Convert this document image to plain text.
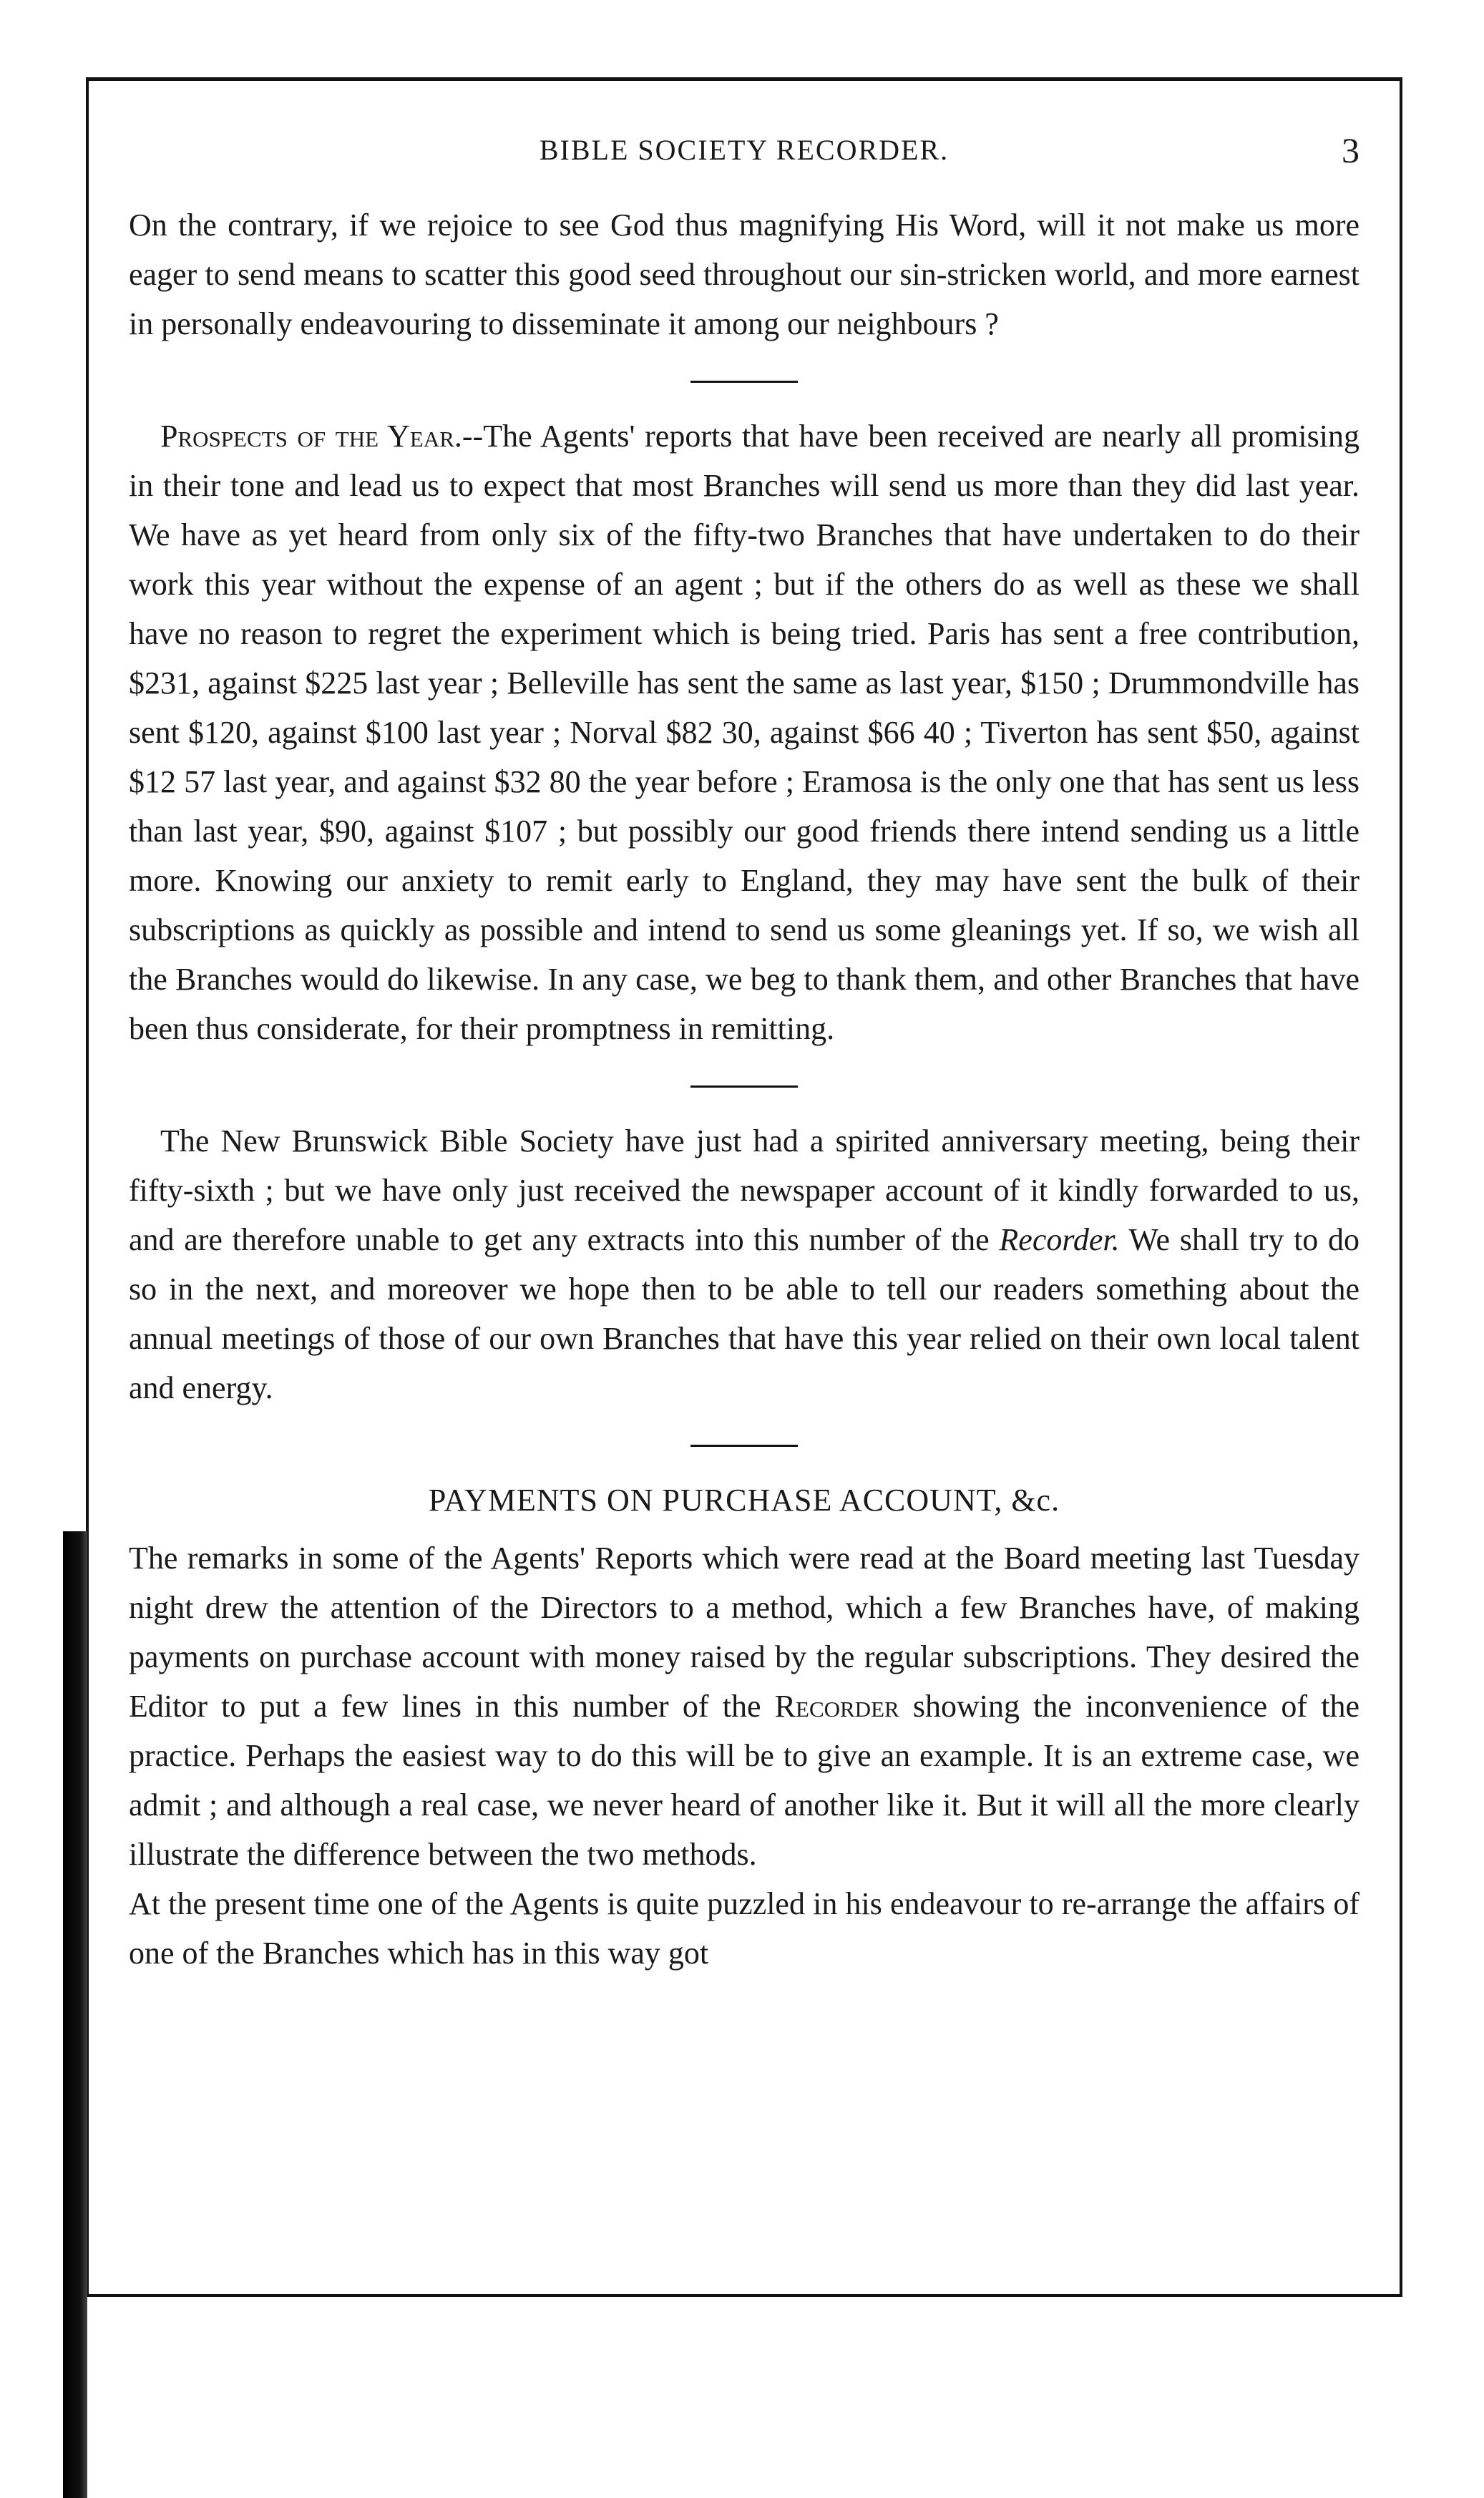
BIBLE SOCIETY RECORDER.	3

On the contrary, if we rejoice to see God thus magnifying His Word, will it not make us more eager to send means to scatter this good seed throughout our sin-stricken world, and more earnest in personally endeavouring to disseminate it among our neighbours ?

Prospects of the Year.--The Agents' reports that have been received are nearly all promising in their tone and lead us to expect that most Branches will send us more than they did last year. We have as yet heard from only six of the fifty-two Branches that have undertaken to do their work this year without the expense of an agent ; but if the others do as well as these we shall have no reason to regret the experiment which is being tried. Paris has sent a free contribution, $231, against $225 last year ; Belleville has sent the same as last year, $150 ; Drummondville has sent $120, against $100 last year ; Norval $82 30, against $66 40 ; Tiverton has sent $50, against $12 57 last year, and against $32 80 the year before ; Eramosa is the only one that has sent us less than last year, $90, against $107 ; but possibly our good friends there intend sending us a little more. Knowing our anxiety to remit early to England, they may have sent the bulk of their subscriptions as quickly as possible and intend to send us some gleanings yet. If so, we wish all the Branches would do likewise. In any case, we beg to thank them, and other Branches that have been thus considerate, for their promptness in remitting.

The New Brunswick Bible Society have just had a spirited anniversary meeting, being their fifty-sixth ; but we have only just received the newspaper account of it kindly forwarded to us, and are therefore unable to get any extracts into this number of the Recorder. We shall try to do so in the next, and moreover we hope then to be able to tell our readers something about the annual meetings of those of our own Branches that have this year relied on their own local talent and energy.

PAYMENTS ON PURCHASE ACCOUNT, &c.

The remarks in some of the Agents' Reports which were read at the Board meeting last Tuesday night drew the attention of the Directors to a method, which a few Branches have, of making payments on purchase account with money raised by the regular subscriptions. They desired the Editor to put a few lines in this number of the Recorder showing the inconvenience of the practice. Perhaps the easiest way to do this will be to give an example. It is an extreme case, we admit ; and although a real case, we never heard of another like it. But it will all the more clearly illustrate the difference between the two methods.

At the present time one of the Agents is quite puzzled in his endeavour to re-arrange the affairs of one of the Branches which has in this way got
